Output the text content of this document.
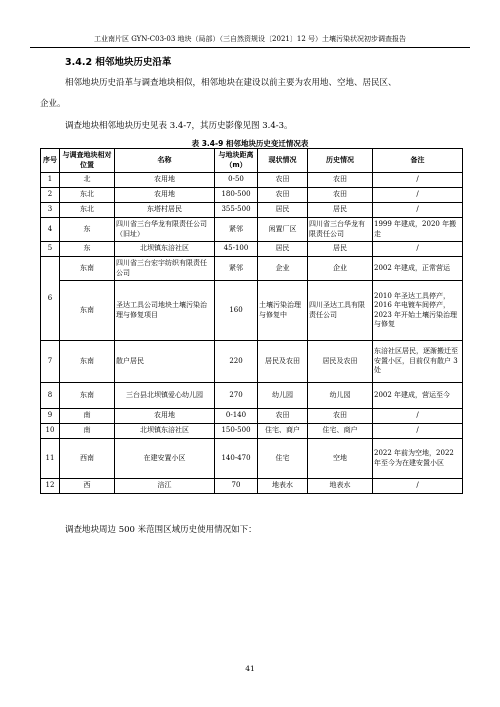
工业南片区 GYN-C03-03 地块（局部）（三自然资规设〔2021〕12 号）土壤污染状况初步调查报告
3.4.2 相邻地块历史沿革
相邻地块历史沿革与调查地块相似，相邻地块在建设以前主要为农用地、空地、居民区、
企业。
调查地块相邻地块历史见表 3.4-7，其历史影像见图 3.4-3。
表 3.4-9 相邻地块历史变迁情况表
序号	与调查地块相对位置	名称	与地块距离（m）	现状情况	历史情况	备注
1	北	农用地	0-50	农田	农田	/
2	东北	农用地	180-500	农田	农田	/
3	东北	东塔村居民	355-500	居民	居民	/
4	东	四川省三台华龙有限责任公司（旧址）	紧邻	闲置厂区	四川省三台华龙有限责任公司	1999 年建成，2020 年搬走
5	东	北坝镇东涪社区	45-100	居民	居民	/
6	东南	四川省三台宏宇纺织有限责任公司	紧邻	企业	企业	2002 年建成，正常营运
	东南	圣达工具公司地块土壤污染治理与修复项目	160	土壤污染治理与修复中	四川圣达工具有限责任公司	2010 年圣达工具停产，2016 年电镀车间停产，2023 年开始土壤污染治理与修复
7	东南	散户居民	220	居民及农田	居民及农田	东涪社区居民，逐渐搬迁至安置小区，目前仅有散户 3 处
8	东南	三台县北坝镇爱心幼儿园	270	幼儿园	幼儿园	2002 年建成，营运至今
9	南	农用地	0-140	农田	农田	/
10	南	北坝镇东涪社区	150-500	住宅、商户	住宅、商户	/
11	西南	在建安置小区	140-470	住宅	空地	2022 年前为空地，2022 年至今为在建安置小区
12	西	涪江	70	地表水	地表水	/
调查地块周边 500 米范围区域历史使用情况如下：
41
